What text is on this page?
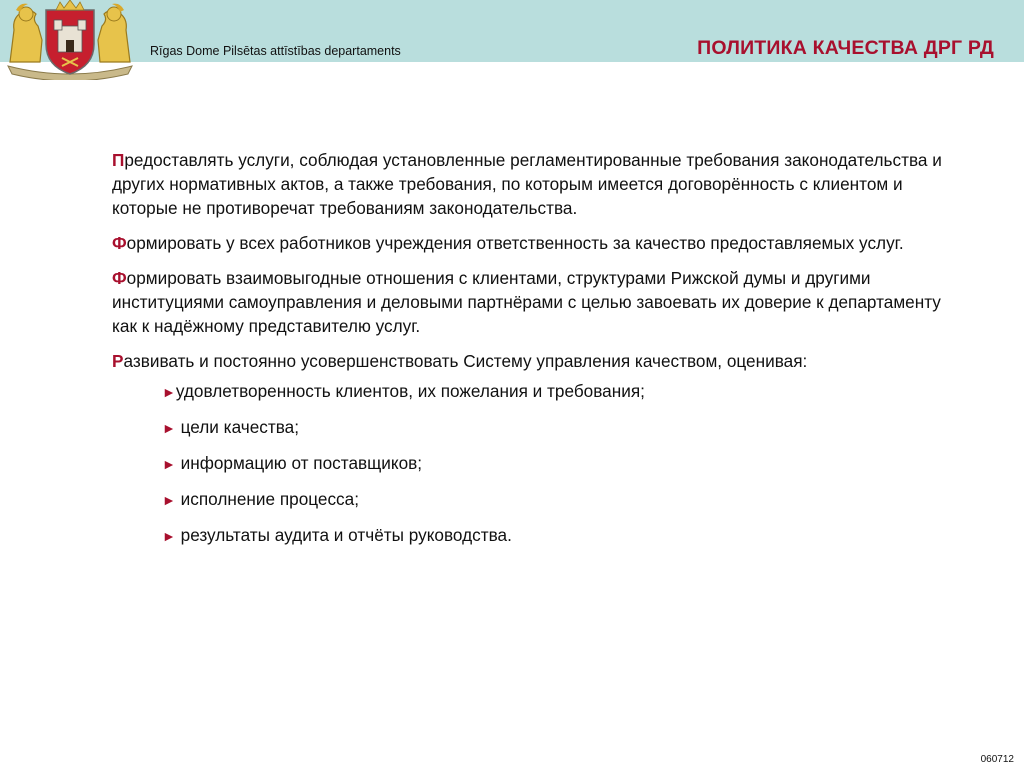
Rīgas Dome Pilsētas attīstības departaments	ПОЛИТИКА КАЧЕСТВА ДРГ РД

Предоставлять услуги, соблюдая установленные регламентированные требования законодательства и других нормативных актов, а также требования, по которым имеется договорённость с клиентом и которые не противоречат требованиям законодательства.

Формировать у всех работников учреждения ответственность за качество предоставляемых услуг.

Формировать взаимовыгодные отношения с клиентами, структурами Рижской думы и другими институциями самоуправления и деловыми партнёрами с целью завоевать их доверие к департаменту как к надёжному представителю услуг.

Развивать и постоянно усовершенствовать Систему управления качеством, оценивая:

►удовлетворенность клиентов, их пожелания и требования;
► цели качества;
► информацию от поставщиков;
► исполнение процесса;
► результаты аудита и отчёты руководства.
060712
